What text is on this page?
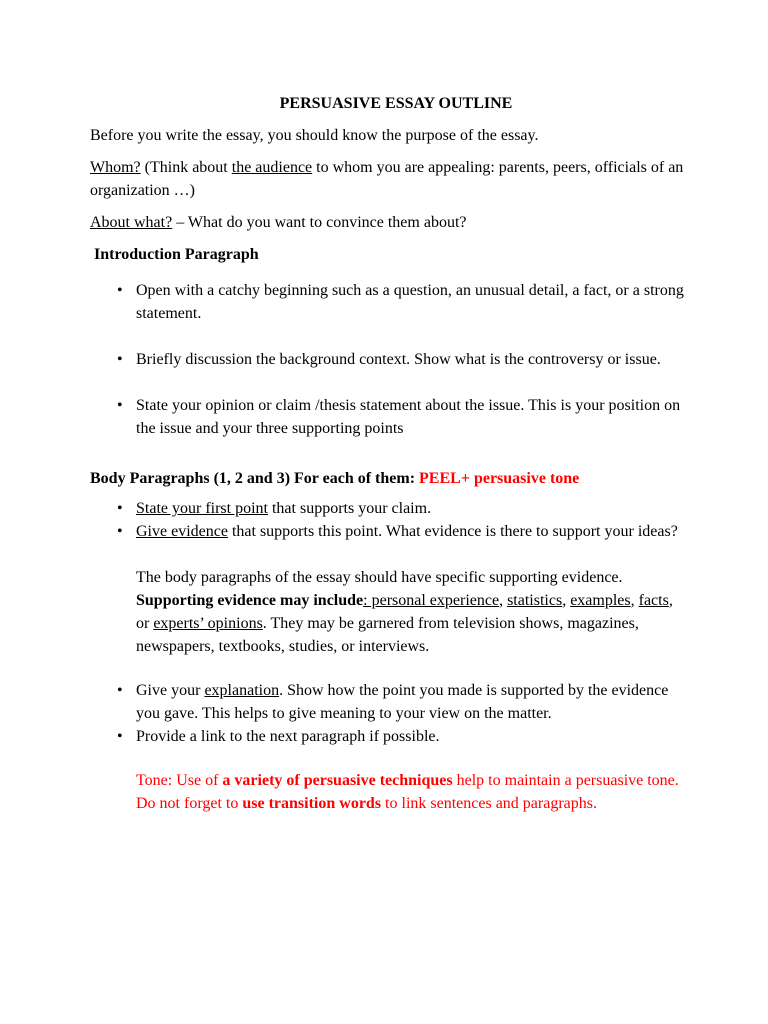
PERSUASIVE ESSAY OUTLINE

Before you write the essay, you should know the purpose of the essay.

Whom? (Think about the audience to whom you are appealing: parents, peers, officials of an organization …)

About what? – What do you want to convince them about?

Introduction Paragraph
• Open with a catchy beginning such as a question, an unusual detail, a fact, or a strong statement.
• Briefly discussion the background context. Show what is the controversy or issue.
• State your opinion or claim /thesis statement about the issue. This is your position on the issue and your three supporting points
Body Paragraphs (1, 2 and 3) For each of them: PEEL+ persuasive tone
• State your first point that supports your claim.
• Give evidence that supports this point. What evidence is there to support your ideas?

The body paragraphs of the essay should have specific supporting evidence. Supporting evidence may include: personal experience, statistics, examples, facts, or experts’ opinions. They may be garnered from television shows, magazines, newspapers, textbooks, studies, or interviews.

• Give your explanation. Show how the point you made is supported by the evidence you gave. This helps to give meaning to your view on the matter.
• Provide a link to the next paragraph if possible.
Tone: Use of a variety of persuasive techniques help to maintain a persuasive tone.
Do not forget to use transition words to link sentences and paragraphs.
